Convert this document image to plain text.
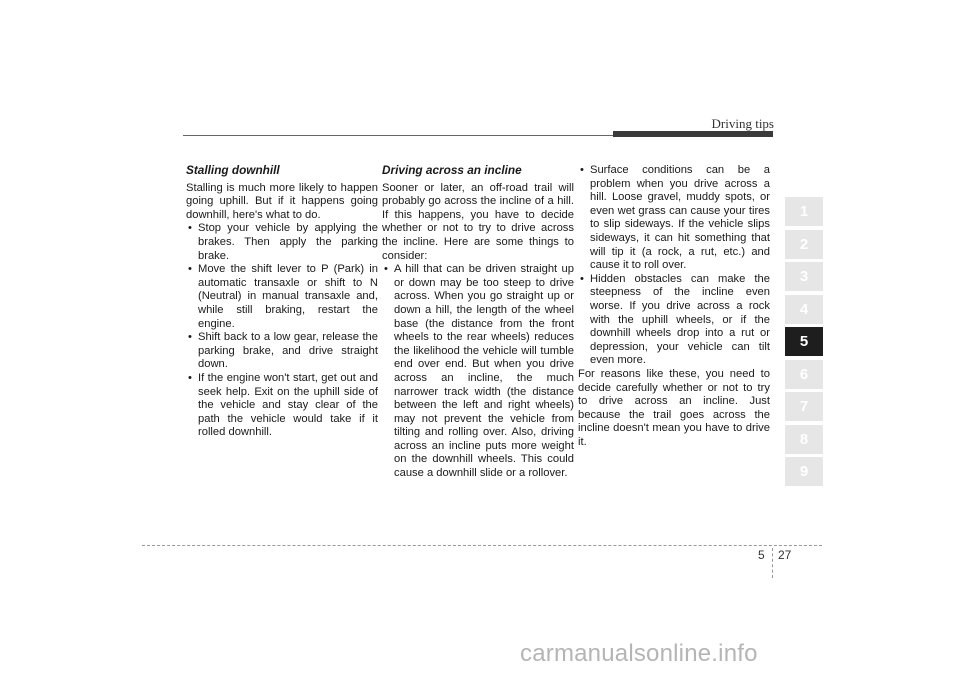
Driving tips
Stalling downhill

Stalling is much more likely to happen going uphill. But if it happens going downhill, here's what to do.

• Stop your vehicle by applying the brakes. Then apply the parking brake.
• Move the shift lever to P (Park) in automatic transaxle or shift to N (Neutral) in manual transaxle and, while still braking, restart the engine.
• Shift back to a low gear, release the parking brake, and drive straight down.
• If the engine won't start, get out and seek help. Exit on the uphill side of the vehicle and stay clear of the path the vehicle would take if it rolled downhill.
Driving across an incline

Sooner or later, an off-road trail will probably go across the incline of a hill. If this happens, you have to decide whether or not to try to drive across the incline. Here are some things to consider:

• A hill that can be driven straight up or down may be too steep to drive across. When you go straight up or down a hill, the length of the wheel base (the distance from the front wheels to the rear wheels) reduces the likelihood the vehicle will tumble end over end. But when you drive across an incline, the much narrower track width (the distance between the left and right wheels) may not prevent the vehicle from tilting and rolling over. Also, driving across an incline puts more weight on the downhill wheels. This could cause a downhill slide or a rollover.
• Surface conditions can be a problem when you drive across a hill. Loose gravel, muddy spots, or even wet grass can cause your tires to slip sideways. If the vehicle slips sideways, it can hit something that will tip it (a rock, a rut, etc.) and cause it to roll over.
• Hidden obstacles can make the steepness of the incline even worse. If you drive across a rock with the uphill wheels, or if the downhill wheels drop into a rut or depression, your vehicle can tilt even more.

For reasons like these, you need to decide carefully whether or not to try to drive across an incline. Just because the trail goes across the incline doesn't mean you have to drive it.

1
2
3
4
5
6
7
8
9
5 27
carmanualsonline.info
